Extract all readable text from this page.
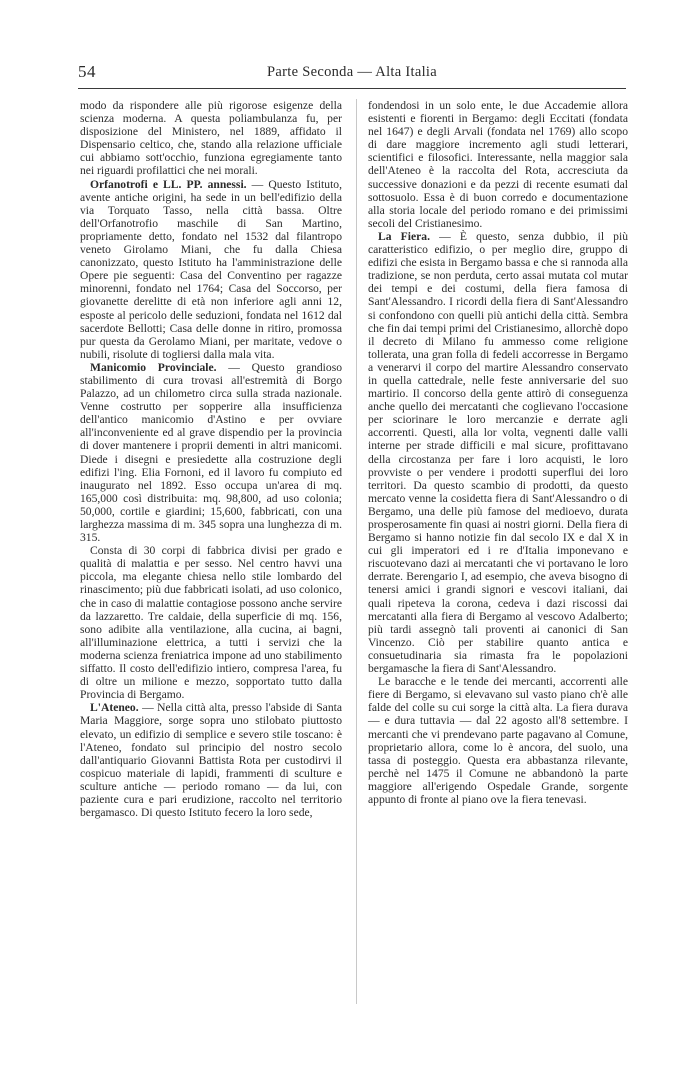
54	Parte Seconda — Alta Italia

modo da rispondere alle più rigorose esigenze della scienza moderna. A questa poliambulanza fu, per disposizione del Ministero, nel 1889, affidato il Dispensario celtico, che, stando alla relazione ufficiale cui abbiamo sott'occhio, funziona egregiamente tanto nei riguardi profilattici che nei morali.

Orfanotrofi e LL. PP. annessi. — Questo Istituto, avente antiche origini, ha sede in un bell'edifizio della via Torquato Tasso, nella città bassa. Oltre dell'Orfanotrofio maschile di San Martino, propriamente detto, fondato nel 1532 dal filantropo veneto Girolamo Miani, che fu dalla Chiesa canonizzato, questo Istituto ha l'amministrazione delle Opere pie seguenti: Casa del Conventino per ragazze minorenni, fondato nel 1764; Casa del Soccorso, per giovanette derelitte di età non inferiore agli anni 12, esposte al pericolo delle seduzioni, fondata nel 1612 dal sacerdote Bellotti; Casa delle donne in ritiro, promossa pur questa da Gerolamo Miani, per maritate, vedove o nubili, risolute di togliersi dalla mala vita.

Manicomio Provinciale. — Questo grandioso stabilimento di cura trovasi all'estremità di Borgo Palazzo, ad un chilometro circa sulla strada nazionale. Venne costrutto per sopperire alla insufficienza dell'antico manicomio d'Astino e per ovviare all'inconveniente ed al grave dispendio per la provincia di dover mantenere i proprii dementi in altri manicomi. Diede i disegni e presiedette alla costruzione degli edifizi l'ing. Elia Fornoni, ed il lavoro fu compiuto ed inaugurato nel 1892. Esso occupa un'area di mq. 165,000 così distribuita: mq. 98,800, ad uso colonia; 50,000, cortile e giardini; 15,600, fabbricati, con una larghezza massima di m. 345 sopra una lunghezza di m. 315.

Consta di 30 corpi di fabbrica divisi per grado e qualità di malattia e per sesso. Nel centro havvi una piccola, ma elegante chiesa nello stile lombardo del rinascimento; più due fabbricati isolati, ad uso colonico, che in caso di malattie contagiose possono anche servire da lazzaretto. Tre caldaie, della superficie di mq. 156, sono adibite alla ventilazione, alla cucina, ai bagni, all'illuminazione elettrica, a tutti i servizi che la moderna scienza freniatrica impone ad uno stabilimento siffatto. Il costo dell'edifizio intiero, compresa l'area, fu di oltre un milione e mezzo, sopportato tutto dalla Provincia di Bergamo.

L'Ateneo. — Nella città alta, presso l'abside di Santa Maria Maggiore, sorge sopra uno stilobato piuttosto elevato, un edifizio di semplice e severo stile toscano: è l'Ateneo, fondato sul principio del nostro secolo dall'antiquario Giovanni Battista Rota per custodirvi il cospicuo materiale di lapidi, frammenti di sculture e sculture antiche — periodo romano — da lui, con paziente cura e pari erudizione, raccolto nel territorio bergamasco. Di questo Istituto fecero la loro sede,

fondendosi in un solo ente, le due Accademie allora esistenti e fiorenti in Bergamo: degli Eccitati (fondata nel 1647) e degli Arvali (fondata nel 1769) allo scopo di dare maggiore incremento agli studi letterari, scientifici e filosofici. Interessante, nella maggior sala dell'Ateneo è la raccolta del Rota, accresciuta da successive donazioni e da pezzi di recente esumati dal sottosuolo. Essa è di buon corredo e documentazione alla storia locale del periodo romano e dei primissimi secoli del Cristianesimo.

La Fiera. — È questo, senza dubbio, il più caratteristico edifizio, o per meglio dire, gruppo di edifizi che esista in Bergamo bassa e che si rannoda alla tradizione, se non perduta, certo assai mutata col mutar dei tempi e dei costumi, della fiera famosa di Sant'Alessandro. I ricordi della fiera di Sant'Alessandro si confondono con quelli più antichi della città. Sembra che fin dai tempi primi del Cristianesimo, allorchè dopo il decreto di Milano fu ammesso come religione tollerata, una gran folla di fedeli accorresse in Bergamo a venerarvi il corpo del martire Alessandro conservato in quella cattedrale, nelle feste anniversarie del suo martirio. Il concorso della gente attirò di conseguenza anche quello dei mercatanti che coglievano l'occasione per sciorinare le loro mercanzie e derrate agli accorrenti. Questi, alla lor volta, vegnenti dalle valli interne per strade difficili e mal sicure, profittavano della circostanza per fare i loro acquisti, le loro provviste o per vendere i prodotti superflui dei loro territori. Da questo scambio di prodotti, da questo mercato venne la cosidetta fiera di Sant'Alessandro o di Bergamo, una delle più famose del medioevo, durata prosperosamente fin quasi ai nostri giorni. Della fiera di Bergamo si hanno notizie fin dal secolo IX e dal X in cui gli imperatori ed i re d'Italia imponevano e riscuotevano dazi ai mercatanti che vi portavano le loro derrate. Berengario I, ad esempio, che aveva bisogno di tenersi amici i grandi signori e vescovi italiani, dai quali ripeteva la corona, cedeva i dazi riscossi dai mercatanti alla fiera di Bergamo al vescovo Adalberto; più tardi assegnò tali proventi ai canonici di San Vincenzo. Ciò per stabilire quanto antica e consuetudinaria sia rimasta fra le popolazioni bergamasche la fiera di Sant'Alessandro.

Le baracche e le tende dei mercanti, accorrenti alle fiere di Bergamo, si elevavano sul vasto piano ch'è alle falde del colle su cui sorge la città alta. La fiera durava — e dura tuttavia — dal 22 agosto all'8 settembre. I mercanti che vi prendevano parte pagavano al Comune, proprietario allora, come lo è ancora, del suolo, una tassa di posteggio. Questa era abbastanza rilevante, perchè nel 1475 il Comune ne abbandonò la parte maggiore all'erigendo Ospedale Grande, sorgente appunto di fronte al piano ove la fiera tenevasi.
